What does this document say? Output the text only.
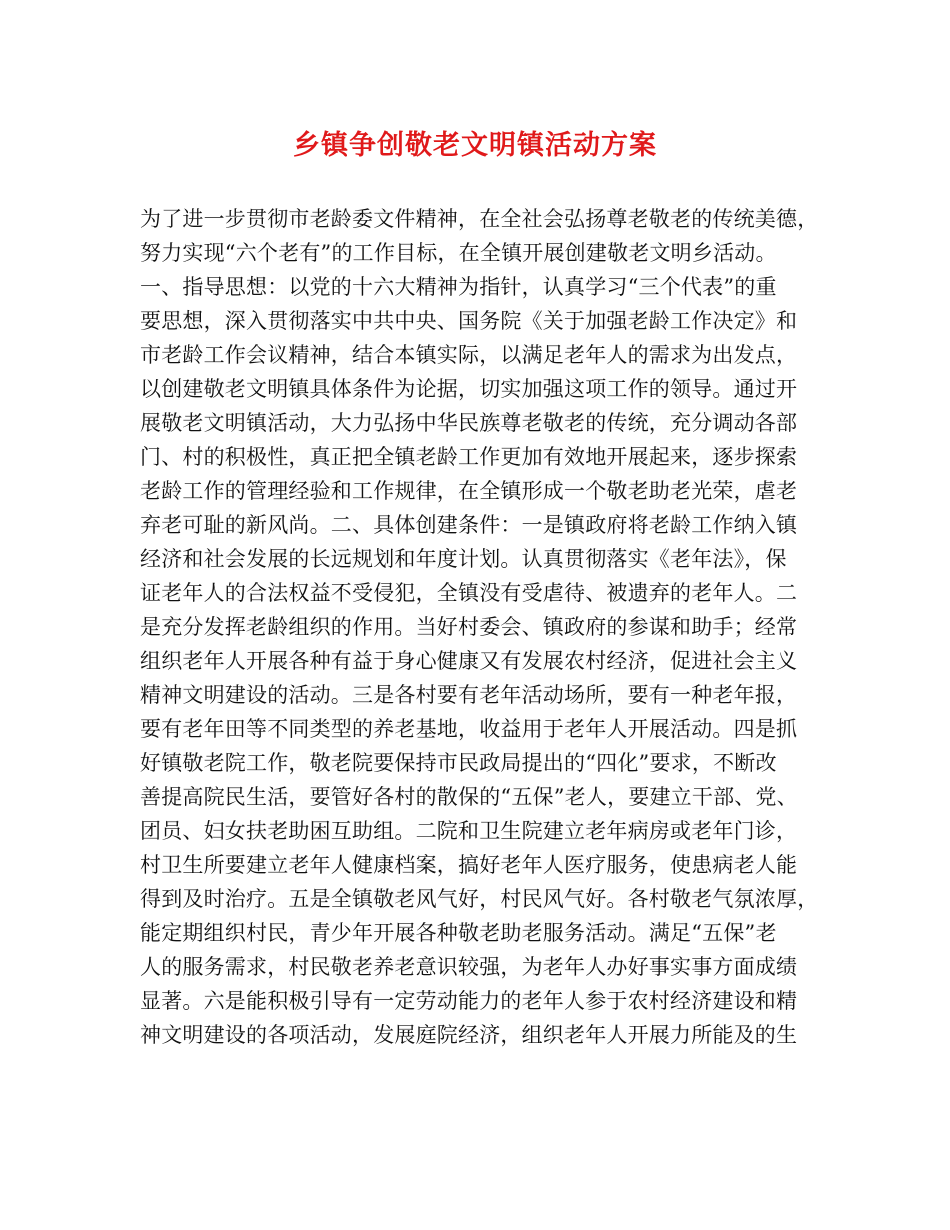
乡镇争创敬老文明镇活动方案
为了进一步贯彻市老龄委文件精神，在全社会弘扬尊老敬老的传统美德，
努力实现“六个老有”的工作目标，在全镇开展创建敬老文明乡活动。
一、指导思想：以党的十六大精神为指针，认真学习“三个代表”的重
要思想，深入贯彻落实中共中央、国务院《关于加强老龄工作决定》和
市老龄工作会议精神，结合本镇实际，以满足老年人的需求为出发点，
以创建敬老文明镇具体条件为论据，切实加强这项工作的领导。通过开
展敬老文明镇活动，大力弘扬中华民族尊老敬老的传统，充分调动各部
门、村的积极性，真正把全镇老龄工作更加有效地开展起来，逐步探索
老龄工作的管理经验和工作规律，在全镇形成一个敬老助老光荣，虐老
弃老可耻的新风尚。二、具体创建条件：一是镇政府将老龄工作纳入镇
经济和社会发展的长远规划和年度计划。认真贯彻落实《老年法》，保
证老年人的合法权益不受侵犯，全镇没有受虐待、被遗弃的老年人。二
是充分发挥老龄组织的作用。当好村委会、镇政府的参谋和助手；经常
组织老年人开展各种有益于身心健康又有发展农村经济，促进社会主义
精神文明建设的活动。三是各村要有老年活动场所，要有一种老年报，
要有老年田等不同类型的养老基地，收益用于老年人开展活动。四是抓
好镇敬老院工作，敬老院要保持市民政局提出的“四化”要求，不断改
善提高院民生活，要管好各村的散保的“五保”老人，要建立干部、党、
团员、妇女扶老助困互助组。二院和卫生院建立老年病房或老年门诊，
村卫生所要建立老年人健康档案，搞好老年人医疗服务，使患病老人能
得到及时治疗。五是全镇敬老风气好，村民风气好。各村敬老气氛浓厚，
能定期组织村民，青少年开展各种敬老助老服务活动。满足“五保”老
人的服务需求，村民敬老养老意识较强，为老年人办好事实事方面成绩
显著。六是能积极引导有一定劳动能力的老年人参于农村经济建设和精
神文明建设的各项活动，发展庭院经济，组织老年人开展力所能及的生
